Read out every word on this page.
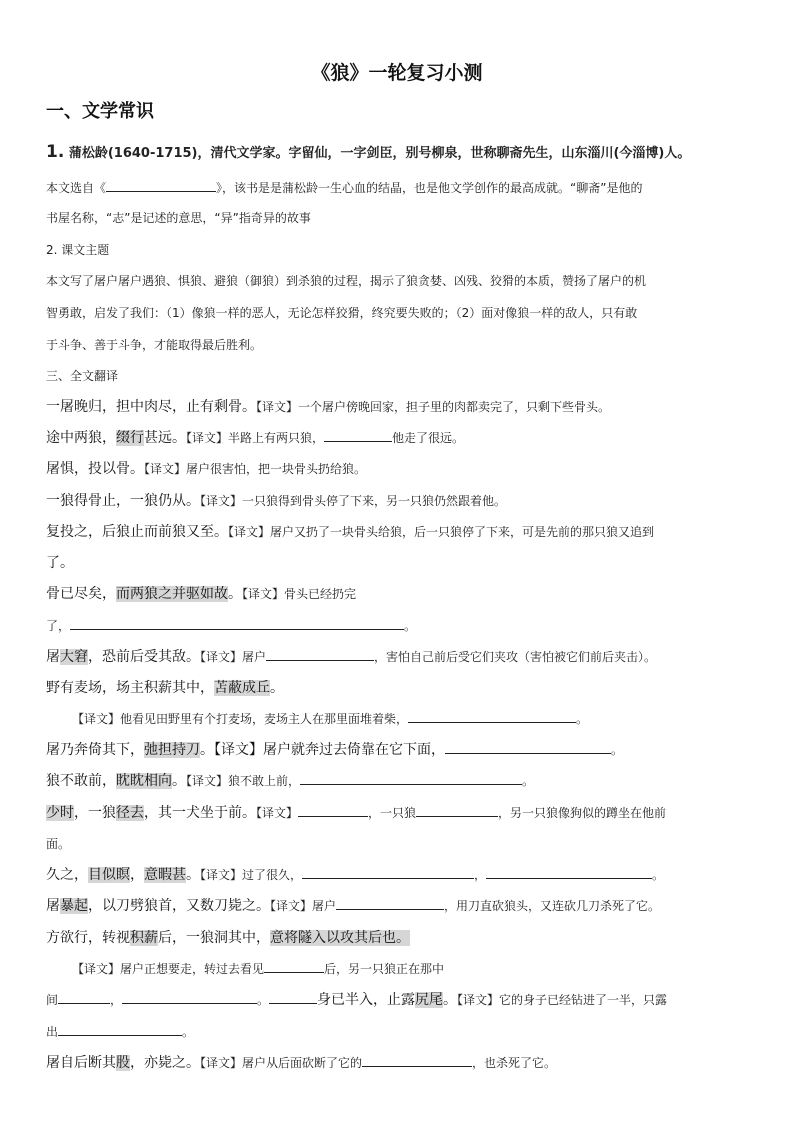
《狼》一轮复习小测
一、文学常识
1. 蒲松龄(1640-1715)，清代文学家。字留仙，一字剑臣，别号柳泉，世称聊斋先生，山东淄川(今淄博)人。
本文选自《	》，该书是是蒲松龄一生心血的结晶，也是他文学创作的最高成就。“聊斋”是他的
书屋名称，“志”是记述的意思，“异”指奇异的故事
2. 课文主题
本文写了屠户屠户遇狼、惧狼、避狼（御狼）到杀狼的过程，揭示了狼贪婪、凶残、狡猾的本质，赞扬了屠户的机
智勇敢，启发了我们：（1）像狼一样的恶人，无论怎样狡猾，终究要失败的；（2）面对像狼一样的敌人，只有敢
于斗争、善于斗争，才能取得最后胜利。
三、全文翻译
一屠晚归，担中肉尽，止有剩骨。【译文】一个屠户傍晚回家，担子里的肉都卖完了，只剩下些骨头。
途中两狼，缀行甚远。【译文】半路上有两只狼，	他走了很远。
屠惧，投以骨。【译文】屠户很害怕，把一块骨头扔给狼。
一狼得骨止，一狼仍从。【译文】一只狼得到骨头停了下来，另一只狼仍然跟着他。
复投之，后狼止而前狼又至。【译文】屠户又扔了一块骨头给狼，后一只狼停了下来，可是先前的那只狼又追到
了。
骨已尽矣，而两狼之并驱如故。【译文】骨头已经扔完
了，	。
屠大窘，恐前后受其敌。【译文】屠户	，害怕自己前后受它们夹攻（害怕被它们前后夹击）。
野有麦场，场主积薪其中，苫蔽成丘。
【译文】他看见田野里有个打麦场，麦场主人在那里面堆着柴，	。
屠乃奔倚其下，弛担持刀。【译文】屠户就奔过去倚靠在它下面，	。
狼不敢前，眈眈相向。【译文】狼不敢上前，	。
少时，一狼径去，其一犬坐于前。【译文】	，一只狼	，另一只狼像狗似的蹲坐在他前
面。
久之，目似瞑，意暇甚。【译文】过了很久，	，	。
屠暴起，以刀劈狼首，又数刀毙之。【译文】屠户	，用刀直砍狼头，又连砍几刀杀死了它。
方欲行，转视积薪后，一狼洞其中，意将隧入以攻其后也。
【译文】屠户正想要走，转过去看见	后，另一只狼正在那中
间	，	。	身已半入，止露尻尾。【译文】它的身子已经钻进了一半，只露
出	。
屠自后断其股，亦毙之。【译文】屠户从后面砍断了它的	，也杀死了它。
